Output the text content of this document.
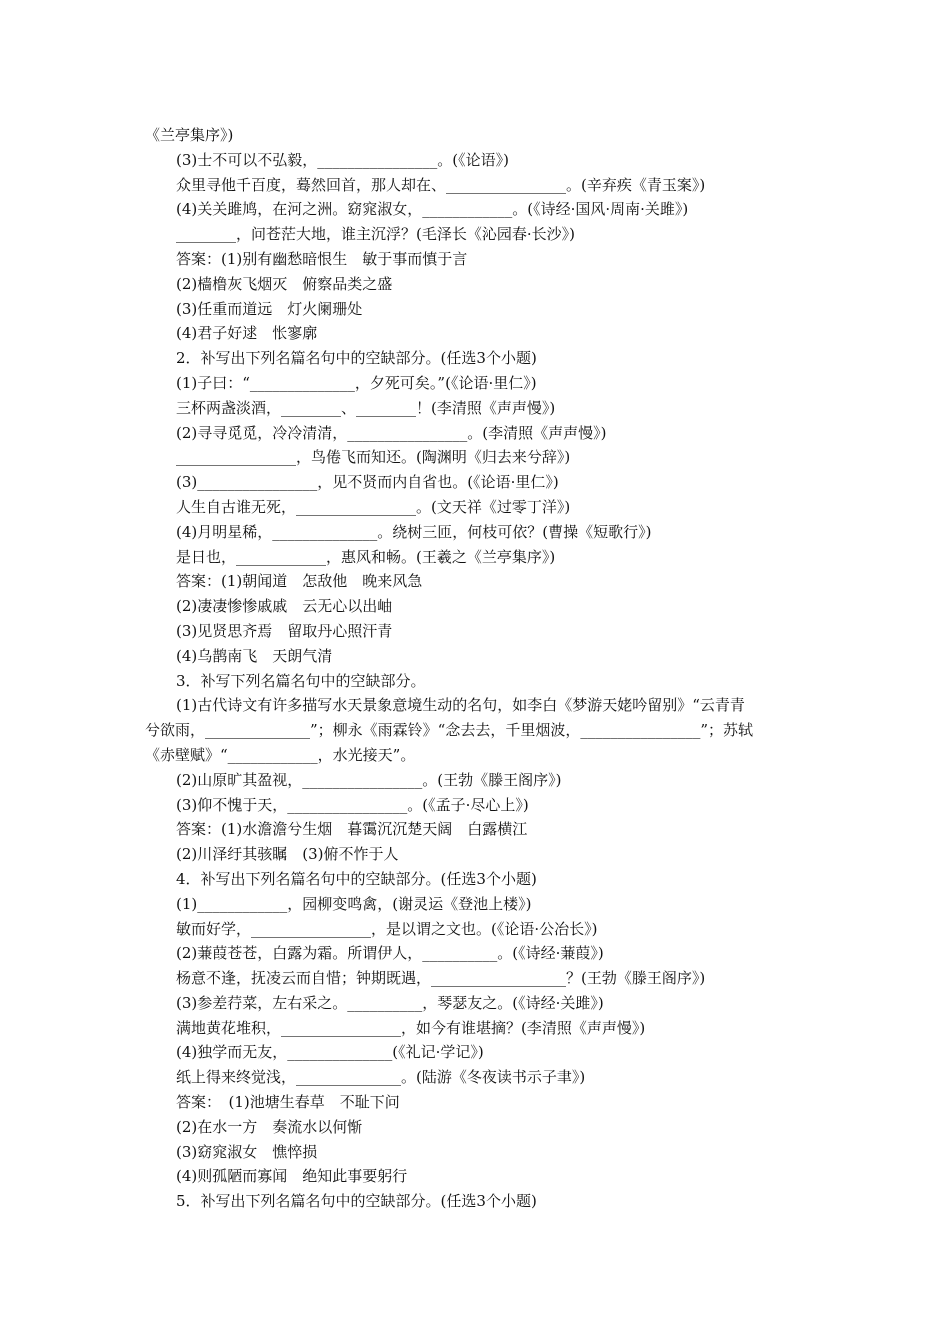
《兰亭集序》)
(3)士不可以不弘毅，________________。(《论语》)
众里寻他千百度，蓦然回首，那人却在、________________。(辛弃疾《青玉案》)
(4)关关雎鸠，在河之洲。窈窕淑女，____________。(《诗经·国风·周南·关雎》)
________，问苍茫大地，谁主沉浮？(毛泽长《沁园春·长沙》)
答案：(1)别有幽愁暗恨生　敏于事而慎于言
(2)樯橹灰飞烟灭　俯察品类之盛
(3)任重而道远　灯火阑珊处
(4)君子好逑　怅寥廓
2．补写出下列名篇名句中的空缺部分。(任选3个小题)
(1)子曰：“______________，夕死可矣。”(《论语·里仁》)
三杯两盏淡酒，________、________！(李清照《声声慢》)
(2)寻寻觅觅，冷冷清清，________________。(李清照《声声慢》)
________________，鸟倦飞而知还。(陶渊明《归去来兮辞》)
(3)________________，见不贤而内自省也。(《论语·里仁》)
人生自古谁无死，________________。(文天祥《过零丁洋》)
(4)月明星稀，______________。绕树三匝，何枝可依？(曹操《短歌行》)
是日也，____________，惠风和畅。(王羲之《兰亭集序》)
答案：(1)朝闻道　怎敌他　晚来风急
(2)凄凄惨惨戚戚　云无心以出岫
(3)见贤思齐焉　留取丹心照汗青
(4)乌鹊南飞　天朗气清
3．补写下列名篇名句中的空缺部分。
(1)古代诗文有许多描写水天景象意境生动的名句，如李白《梦游天姥吟留别》“云青青
兮欲雨，______________”；柳永《雨霖铃》“念去去，千里烟波，________________”；苏轼
《赤壁赋》“____________，水光接天”。
(2)山原旷其盈视，________________。(王勃《滕王阁序》)
(3)仰不愧于天，________________。(《孟子·尽心上》)
答案：(1)水澹澹兮生烟　暮霭沉沉楚天阔　白露横江
(2)川泽纡其骇瞩　(3)俯不怍于人
4．补写出下列名篇名句中的空缺部分。(任选3个小题)
(1)____________，园柳变鸣禽，(谢灵运《登池上楼》)
敏而好学，________________，是以谓之文也。(《论语·公冶长》)
(2)蒹葭苍苍，白露为霜。所谓伊人，__________。(《诗经·蒹葭》)
杨意不逢，抚凌云而自惜；钟期既遇，__________________？(王勃《滕王阁序》)
(3)参差荇菜，左右采之。__________，琴瑟友之。(《诗经·关雎》)
满地黄花堆积，________________，如今有谁堪摘？(李清照《声声慢》)
(4)独学而无友，______________(《礼记·学记》)
纸上得来终觉浅，______________。(陆游《冬夜读书示子聿》)
答案：　(1)池塘生春草　不耻下问
(2)在水一方　奏流水以何惭
(3)窈窕淑女　憔悴损
(4)则孤陋而寡闻　绝知此事要躬行
5．补写出下列名篇名句中的空缺部分。(任选3个小题)
